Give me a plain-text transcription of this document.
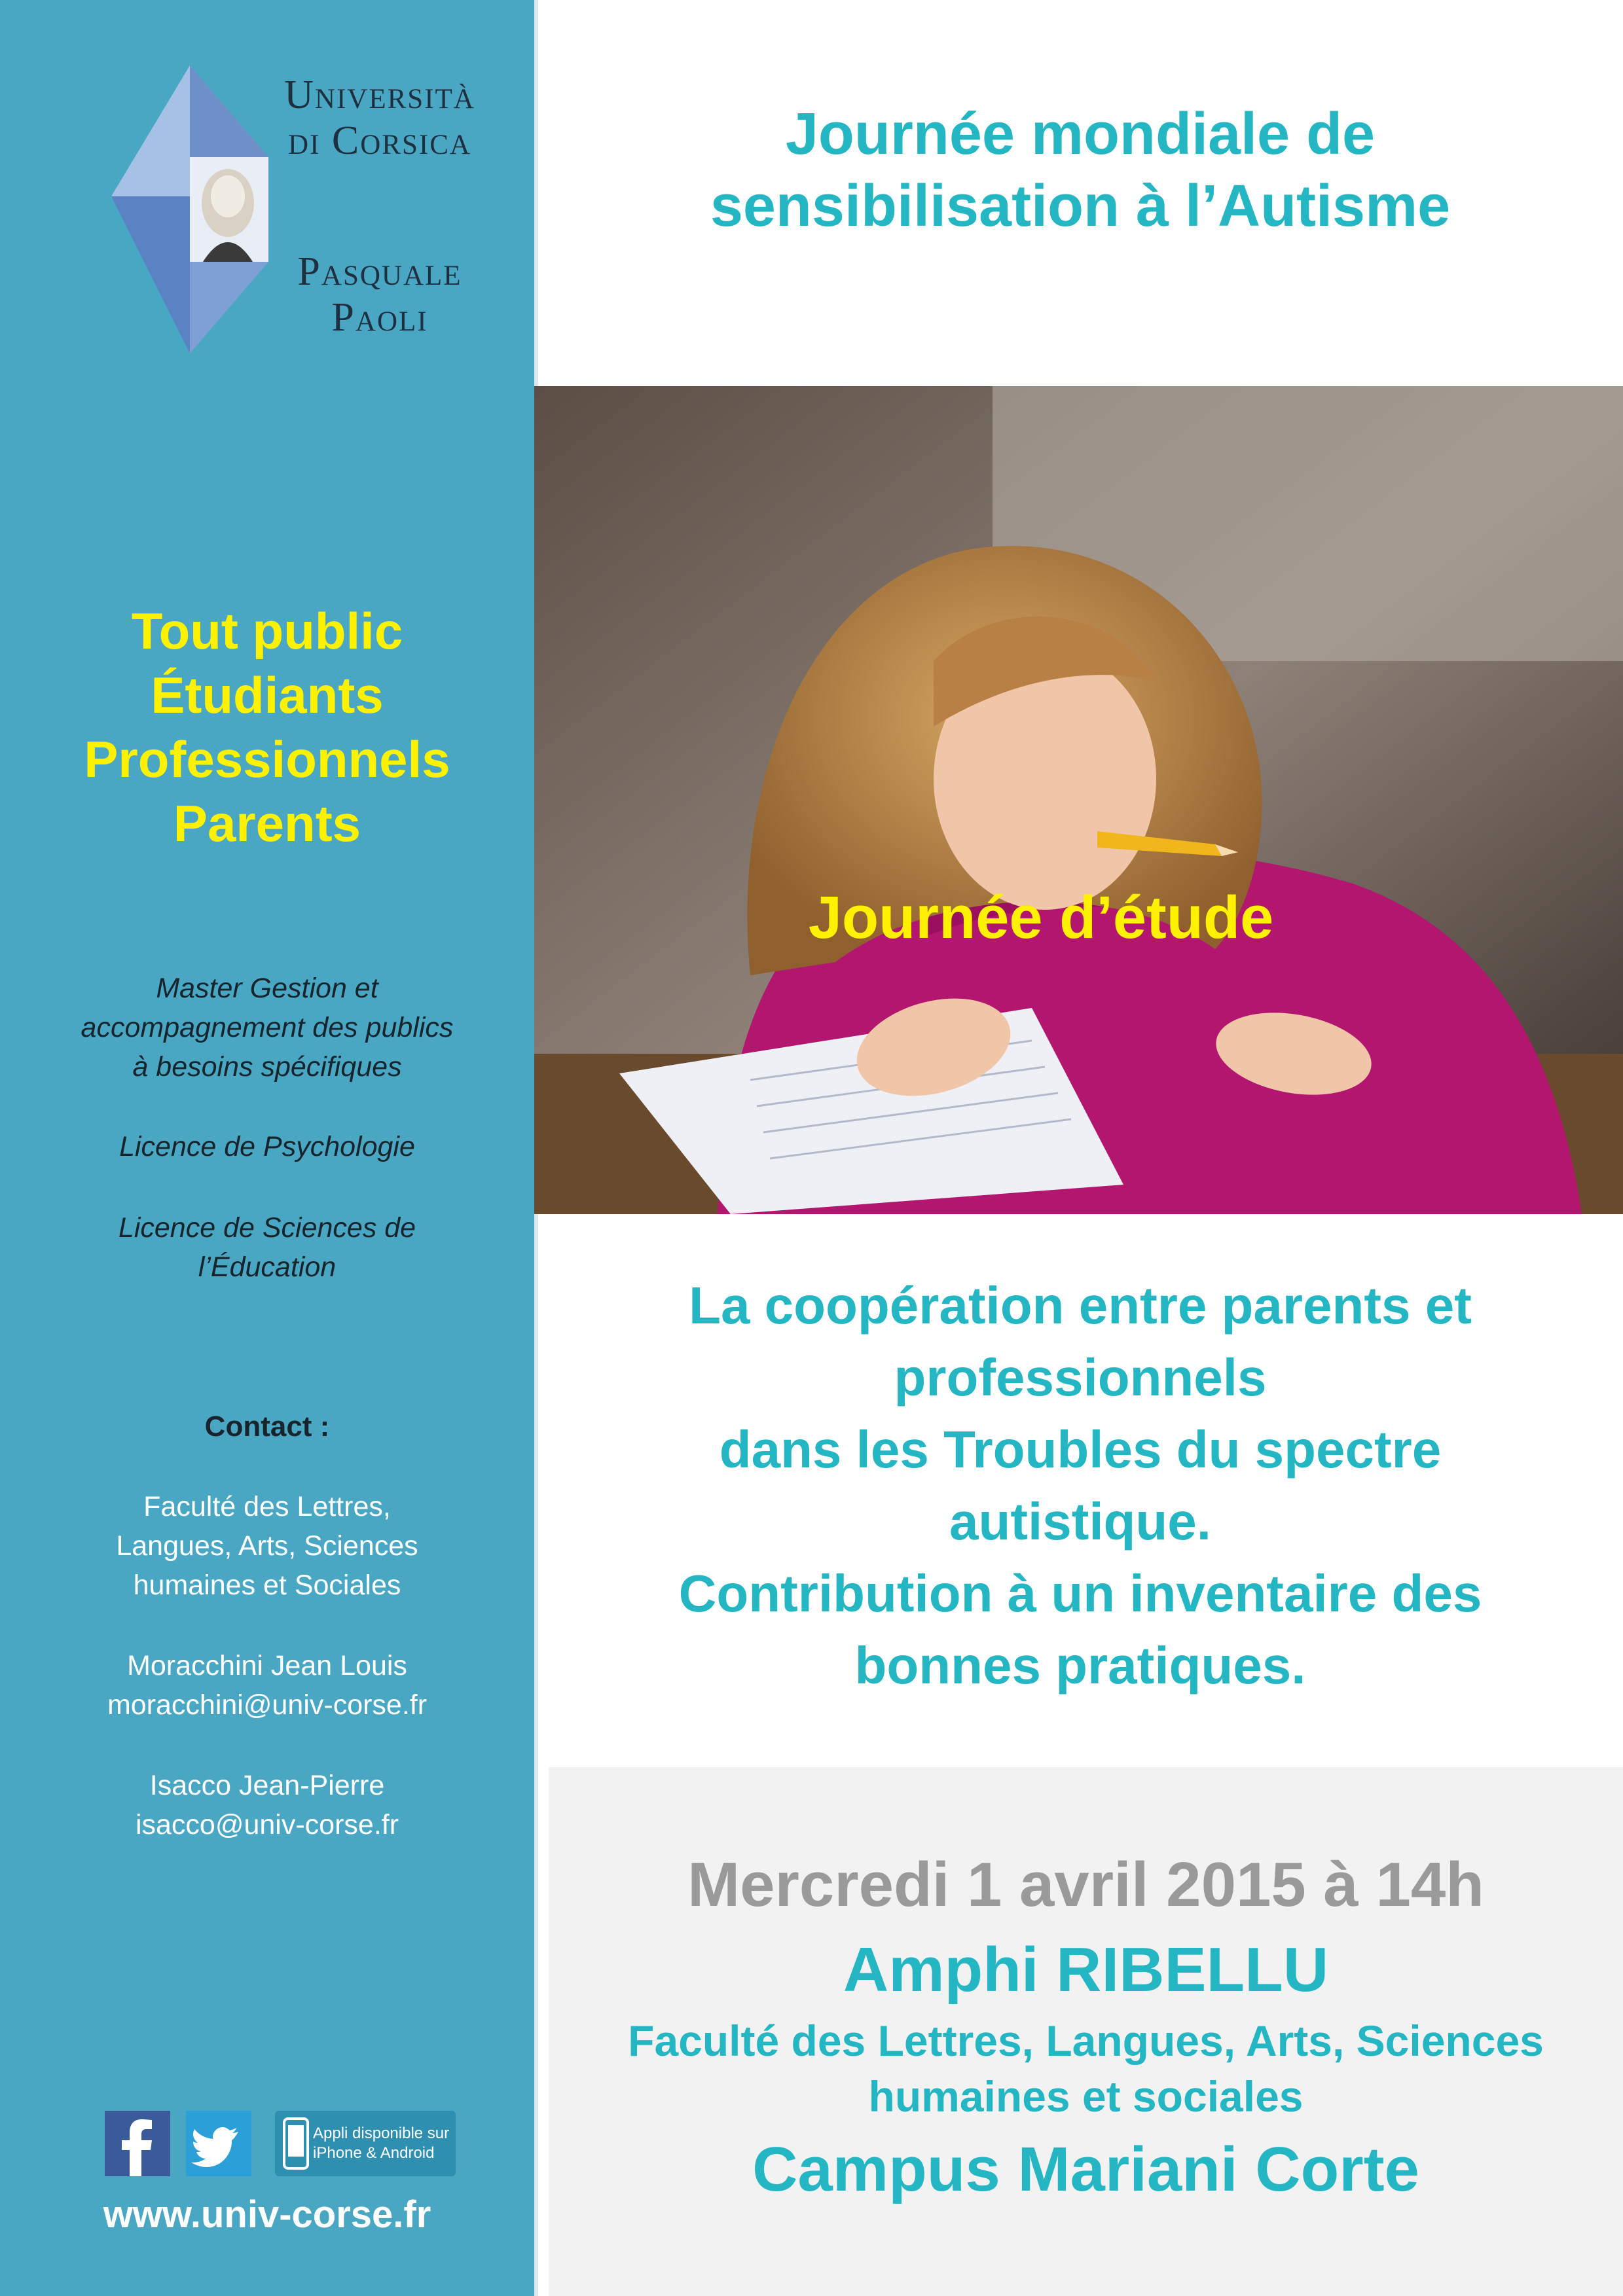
Università
di Corsica
Pasquale
Paoli
Tout public
Étudiants
Professionnels
Parents
Master Gestion et
accompagnement des publics
à besoins spécifiques
Licence de Psychologie
Licence de Sciences de
l’Éducation
Contact :
Faculté des Lettres,
Langues, Arts, Sciences
humaines et Sociales
Moracchini Jean Louis
moracchini@univ-corse.fr
Isacco Jean-Pierre
isacco@univ-corse.fr
Appli disponible sur
iPhone & Android
www.univ-corse.fr
Journée mondiale de
sensibilisation à l’Autisme
Journée d’étude
La coopération entre parents et
professionnels
dans les Troubles du spectre
autistique.
Contribution à un inventaire des
bonnes pratiques.
Mercredi 1 avril 2015 à 14h
Amphi RIBELLU
Faculté des Lettres, Langues, Arts, Sciences
humaines et sociales
Campus Mariani Corte
